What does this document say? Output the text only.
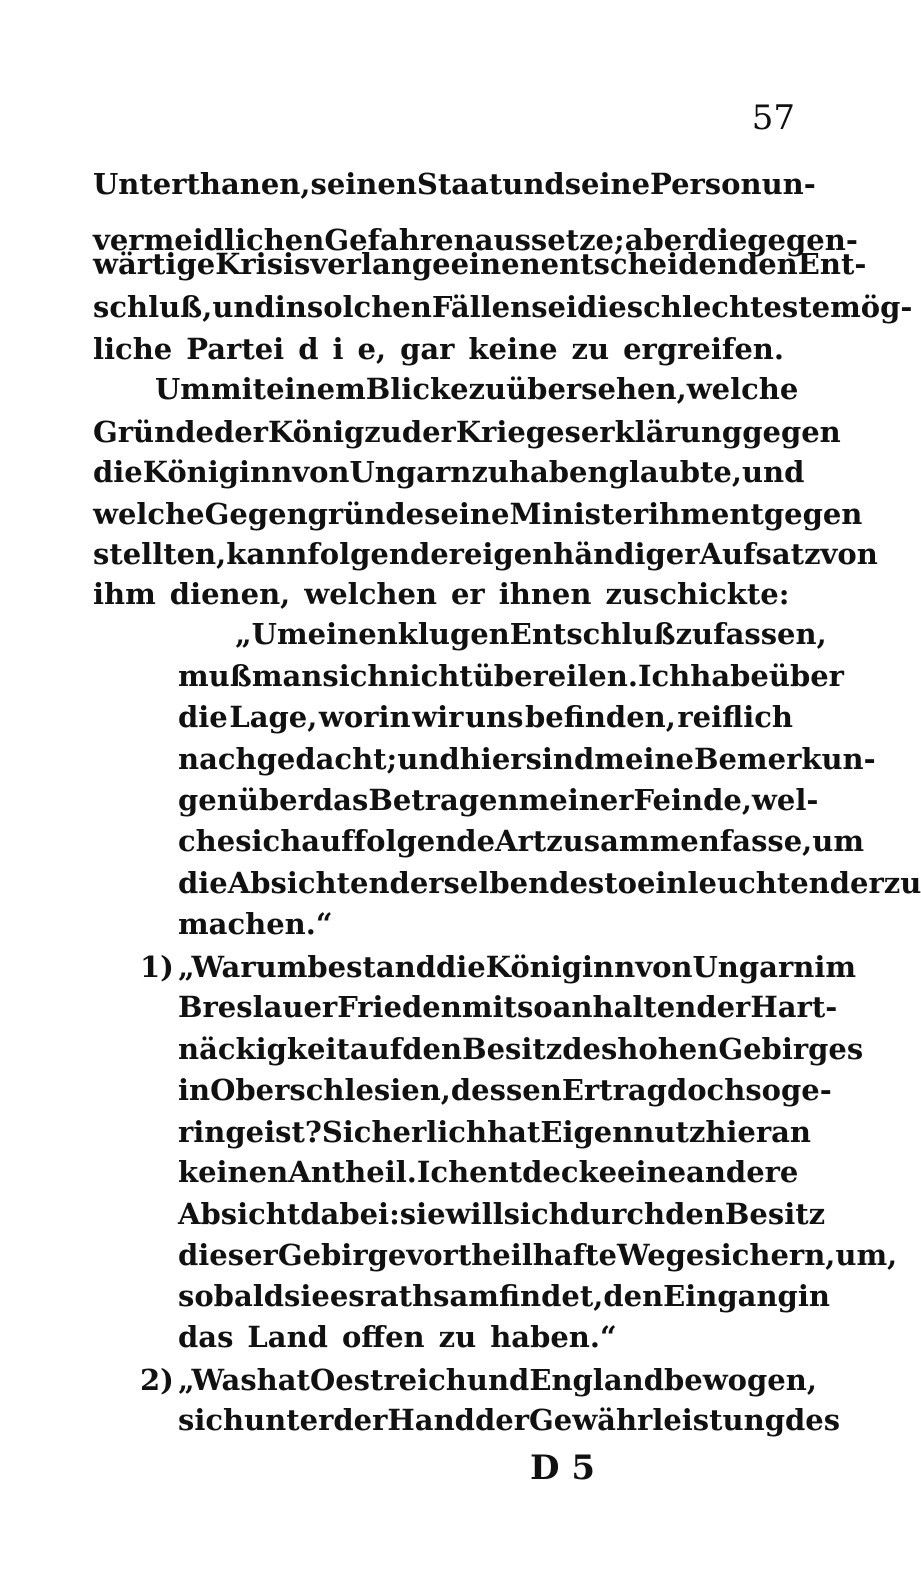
57
Unterthanen, seinen Staat und seine Person un-
vermeidlichen Gefahren aussetze; aber die gegen-
wärtige Krisis verlange einen entscheidenden Ent-
schluß, und in solchen Fällen sei die schlechteste mög-
liche Partei d i e, gar keine zu ergreifen.
Um mit einem Blicke zu übersehen, welche
Gründe der König zu der Kriegeserklärung gegen
die Königinn von Ungarn zu haben glaubte, und
welche Gegengründe seine Minister ihm entgegen
stellten, kann folgender eigenhändiger Aufsatz von
ihm dienen, welchen er ihnen zuschickte:
„Um einen klugen Entschluß zu fassen,
muß man sich nicht übereilen. Ich habe über
die Lage, worin wir uns befinden, reiflich
nachgedacht; und hier sind meine Bemerkun-
gen über das Betragen meiner Feinde, wel-
ches ich auf folgende Art zusammen fasse, um
die Absichten derselben desto einleuchtender zu
machen.“
1) „Warum bestand die Königinn von Ungarn im
Breslauer Frieden mit so anhaltender Hart-
näckigkeit auf den Besitz des hohen Gebirges
in Oberschlesien, dessen Ertrag doch so ge-
ringe ist? Sicherlich hat Eigennutz hieran
keinen Antheil. Ich entdecke eine andere
Absicht dabei: sie will sich durch den Besitz
dieser Gebirge vortheilhafte Wege sichern, um,
sobald sie es rathsam findet, den Eingang in
das Land offen zu haben.“
2) „Was hat Oestreich und England bewogen,
sich unter der Hand der Gewährleistung des
D 5
